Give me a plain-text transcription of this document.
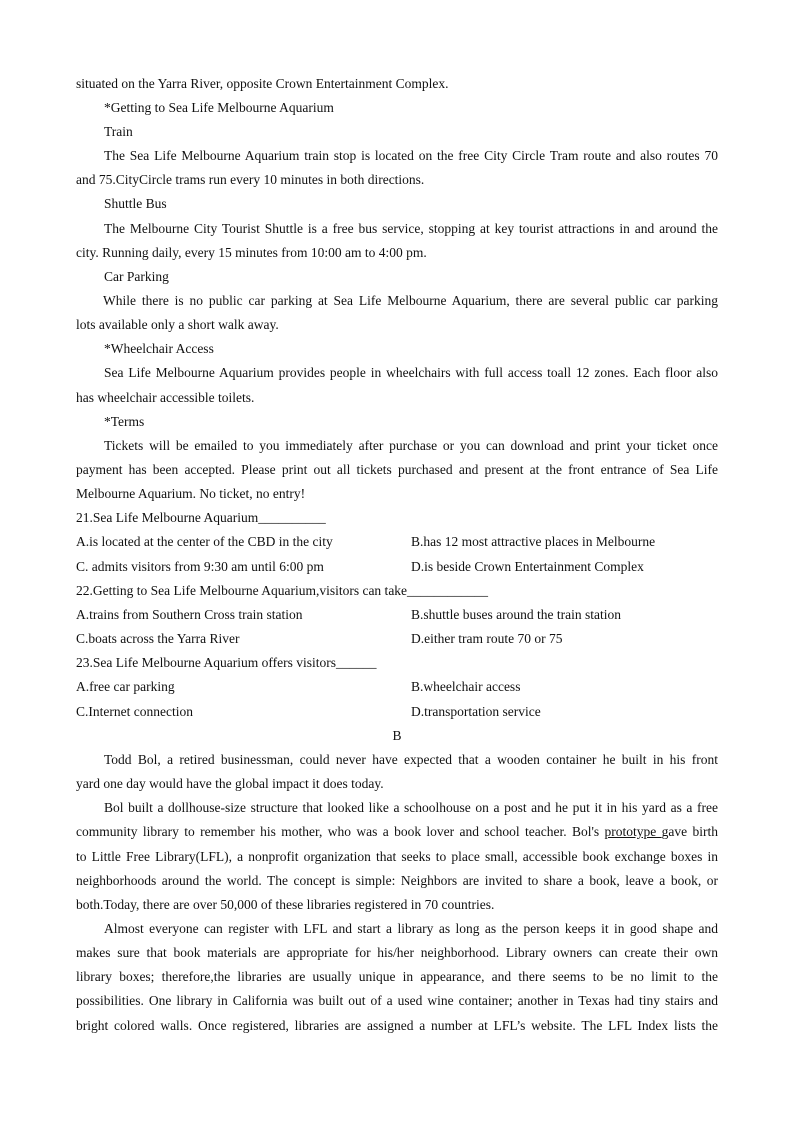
situated on the Yarra River, opposite Crown Entertainment Complex.
*Getting to Sea Life Melbourne Aquarium
Train
The Sea Life Melbourne Aquarium train stop is located on the free City Circle Tram route and also routes 70
and 75.CityCircle trams run every 10 minutes in both directions.
Shuttle Bus
The Melbourne City Tourist Shuttle is a free bus service, stopping at key tourist attractions in and around the
city. Running daily, every 15 minutes from 10:00 am to 4:00 pm.
Car Parking
While there is no public car parking at Sea Life Melbourne Aquarium, there are several public car parking
lots available only a short walk away.
*Wheelchair Access
Sea Life Melbourne Aquarium provides people in wheelchairs with full access toall 12 zones. Each floor also
has wheelchair accessible toilets.
*Terms
Tickets will be emailed to you immediately after purchase or you can download and print your ticket once
payment has been accepted. Please print out all tickets purchased and present at the front entrance of Sea Life
Melbourne Aquarium. No ticket, no entry!
21.Sea Life Melbourne Aquarium__________
A.is located at the center of the CBD in the city	B.has 12 most attractive places in Melbourne
C. admits visitors from 9:30 am until 6:00 pm	D.is beside Crown Entertainment Complex
22.Getting to Sea Life Melbourne Aquarium,visitors can take____________
A.trains from Southern Cross train station	B.shuttle buses around the train station
C.boats across the Yarra River	D.either tram route 70 or 75
23.Sea Life Melbourne Aquarium offers visitors______
A.free car parking	B.wheelchair access
C.Internet connection	D.transportation service
B
Todd Bol, a retired businessman, could never have expected that a wooden container he built in his front
yard one day would have the global impact it does today.
Bol built a dollhouse-size structure that looked like a schoolhouse on a post and he put it in his yard as a free
community library to remember his mother, who was a book lover and school teacher. Bol's prototype gave birth
to Little Free Library(LFL), a nonprofit organization that seeks to place small, accessible book exchange boxes in
neighborhoods around the world. The concept is simple: Neighbors are invited to share a book, leave a book, or
both.Today, there are over 50,000 of these libraries registered in 70 countries.
Almost everyone can register with LFL and start a library as long as the person keeps it in good shape and
makes sure that book materials are appropriate for his/her neighborhood. Library owners can create their own
library boxes; therefore,the libraries are usually unique in appearance, and there seems to be no limit to the
possibilities. One library in California was built out of a used wine container; another in Texas had tiny stairs and
bright colored walls. Once registered, libraries are assigned a number at LFL’s website. The LFL Index lists the
